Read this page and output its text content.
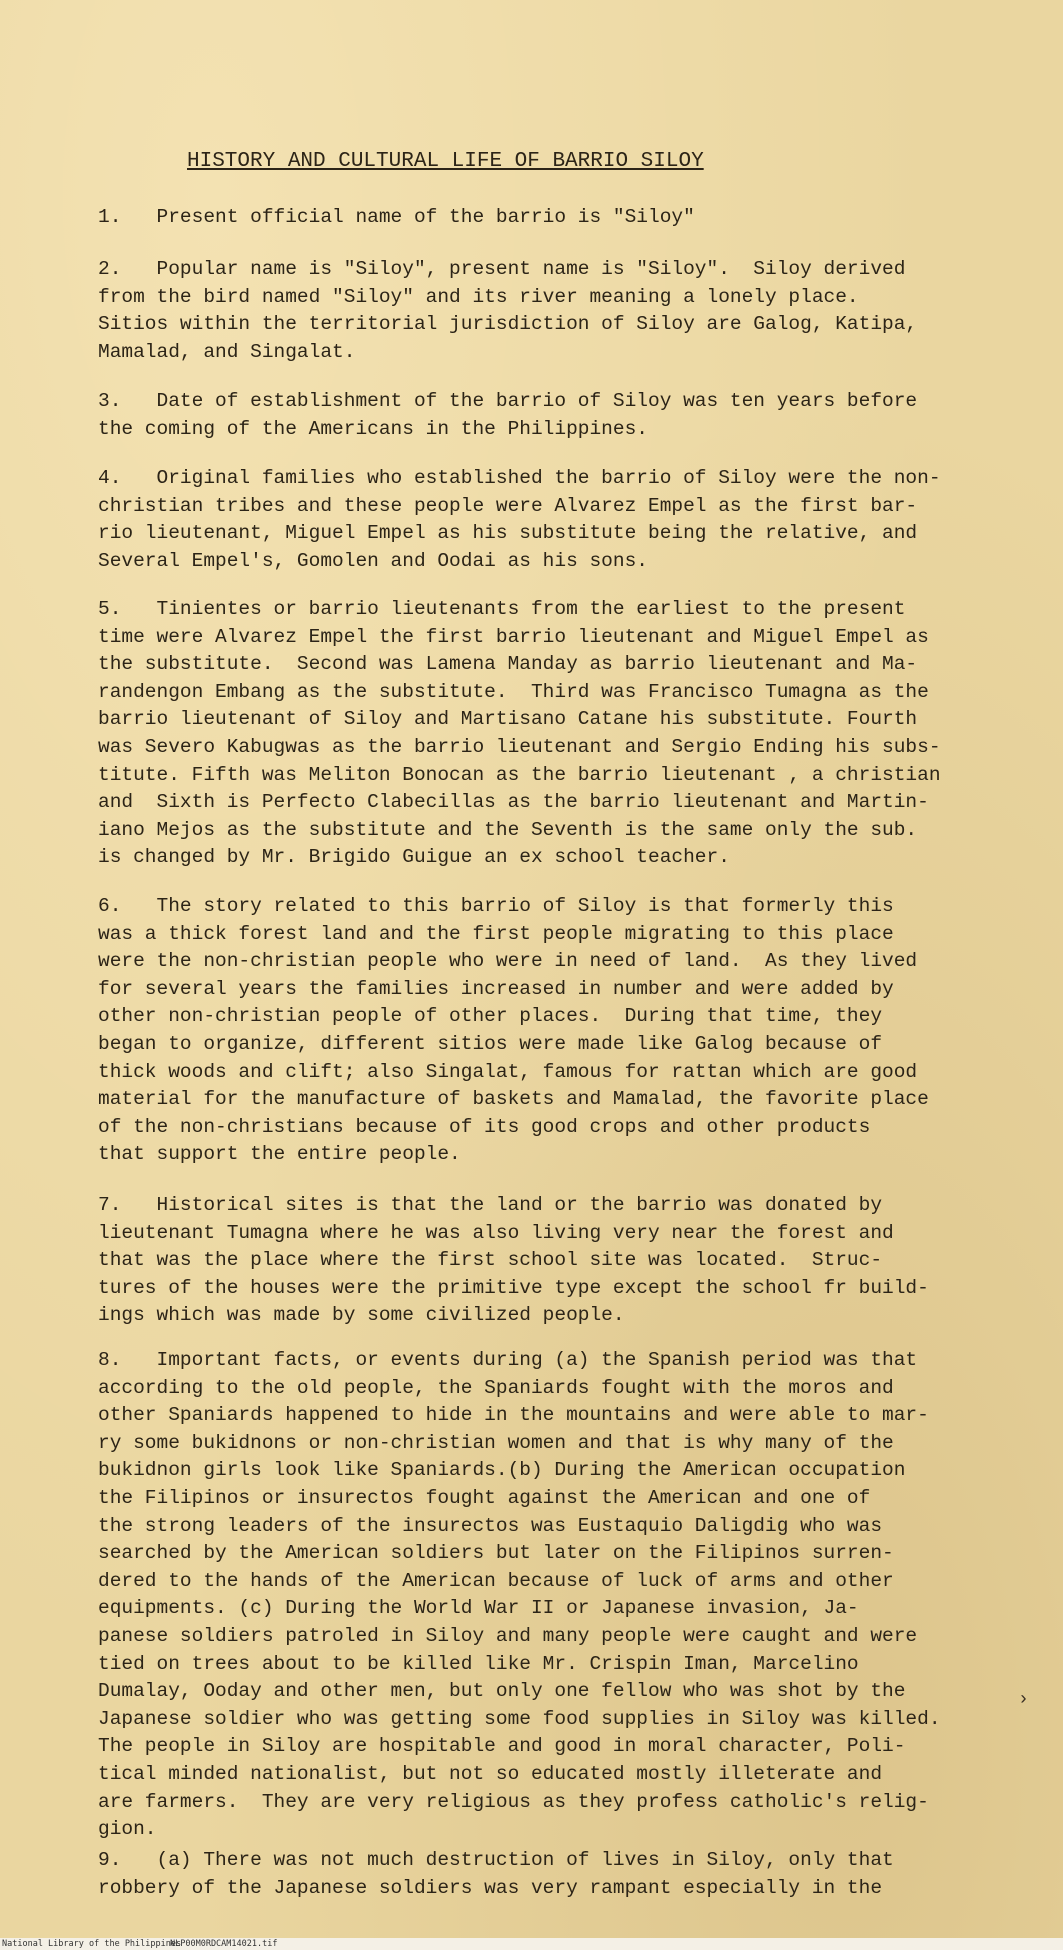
HISTORY AND CULTURAL LIFE OF BARRIO SILOY
1.   Present official name of the barrio is "Siloy"
2.   Popular name is "Siloy", present name is "Siloy".  Siloy derived
from the bird named "Siloy" and its river meaning a lonely place.
Sitios within the territorial jurisdiction of Siloy are Galog, Katipa,
Mamalad, and Singalat.
3.   Date of establishment of the barrio of Siloy was ten years before
the coming of the Americans in the Philippines.
4.   Original families who established the barrio of Siloy were the non-
christian tribes and these people were Alvarez Empel as the first bar-
rio lieutenant, Miguel Empel as his substitute being the relative, and
Several Empel's, Gomolen and Oodai as his sons.
5.   Tinientes or barrio lieutenants from the earliest to the present
time were Alvarez Empel the first barrio lieutenant and Miguel Empel as
the substitute.  Second was Lamena Manday as barrio lieutenant and Ma-
randengon Embang as the substitute.  Third was Francisco Tumagna as the
barrio lieutenant of Siloy and Martisano Catane his substitute. Fourth
was Severo Kabugwas as the barrio lieutenant and Sergio Ending his subs-
titute. Fifth was Meliton Bonocan as the barrio lieutenant , a christian
and  Sixth is Perfecto Clabecillas as the barrio lieutenant and Martin-
iano Mejos as the substitute and the Seventh is the same only the sub.
is changed by Mr. Brigido Guigue an ex school teacher.
6.   The story related to this barrio of Siloy is that formerly this
was a thick forest land and the first people migrating to this place
were the non-christian people who were in need of land.  As they lived
for several years the families increased in number and were added by
other non-christian people of other places.  During that time, they
began to organize, different sitios were made like Galog because of
thick woods and clift; also Singalat, famous for rattan which are good
material for the manufacture of baskets and Mamalad, the favorite place
of the non-christians because of its good crops and other products
that support the entire people.
7.   Historical sites is that the land or the barrio was donated by
lieutenant Tumagna where he was also living very near the forest and
that was the place where the first school site was located.  Struc-
tures of the houses were the primitive type except the school fr build-
ings which was made by some civilized people.
8.   Important facts, or events during (a) the Spanish period was that
according to the old people, the Spaniards fought with the moros and
other Spaniards happened to hide in the mountains and were able to mar-
ry some bukidnons or non-christian women and that is why many of the
bukidnon girls look like Spaniards.(b) During the American occupation
the Filipinos or insurectos fought against the American and one of
the strong leaders of the insurectos was Eustaquio Daligdig who was
searched by the American soldiers but later on the Filipinos surren-
dered to the hands of the American because of luck of arms and other
equipments. (c) During the World War II or Japanese invasion, Ja-
panese soldiers patroled in Siloy and many people were caught and were
tied on trees about to be killed like Mr. Crispin Iman, Marcelino
Dumalay, Ooday and other men, but only one fellow who was shot by the
Japanese soldier who was getting some food supplies in Siloy was killed.
The people in Siloy are hospitable and good in moral character, Poli-
tical minded nationalist, but not so educated mostly illeterate and
are farmers.  They are very religious as they profess catholic's relig-
gion.
9.   (a) There was not much destruction of lives in Siloy, only that
robbery of the Japanese soldiers was very rampant especially in the
›
National Library of the Philippines
NLP00M0RDCAM14021.tif
